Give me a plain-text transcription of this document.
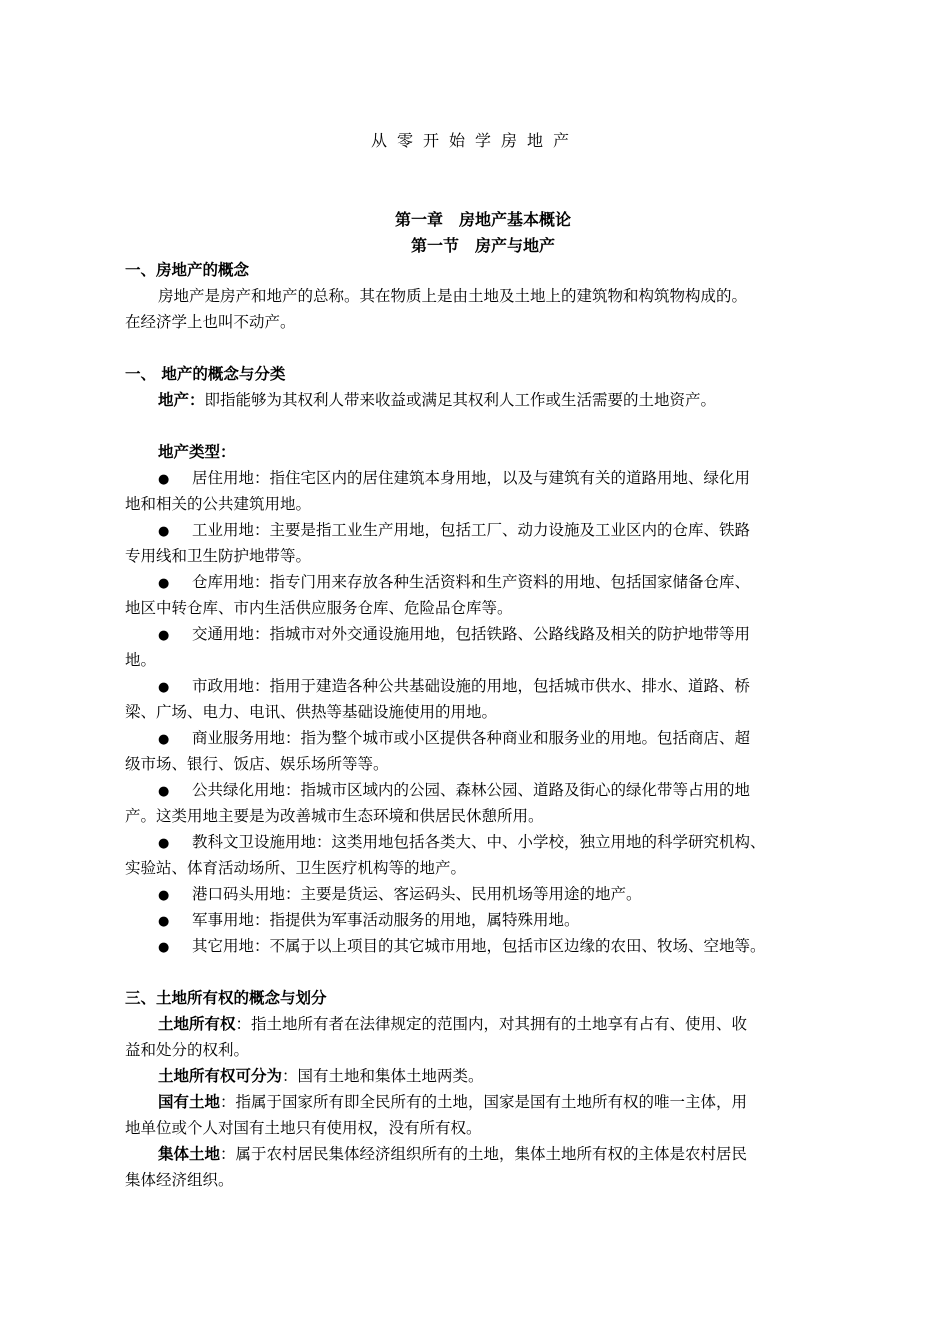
从零开始学房地产
第一章　房地产基本概论
第一节　房产与地产
一、房地产的概念
房地产是房产和地产的总称。其在物质上是由土地及土地上的建筑物和构筑物构成的。
在经济学上也叫不动产。
一、 地产的概念与分类
地产：即指能够为其权利人带来收益或满足其权利人工作或生活需要的土地资产。
地产类型：
● 居住用地：指住宅区内的居住建筑本身用地，以及与建筑有关的道路用地、绿化用
地和相关的公共建筑用地。
● 工业用地：主要是指工业生产用地，包括工厂、动力设施及工业区内的仓库、铁路
专用线和卫生防护地带等。
● 仓库用地：指专门用来存放各种生活资料和生产资料的用地、包括国家储备仓库、
地区中转仓库、市内生活供应服务仓库、危险品仓库等。
● 交通用地：指城市对外交通设施用地，包括铁路、公路线路及相关的防护地带等用
地。
● 市政用地：指用于建造各种公共基础设施的用地，包括城市供水、排水、道路、桥
梁、广场、电力、电讯、供热等基础设施使用的用地。
● 商业服务用地：指为整个城市或小区提供各种商业和服务业的用地。包括商店、超
级市场、银行、饭店、娱乐场所等等。
● 公共绿化用地：指城市区域内的公园、森林公园、道路及街心的绿化带等占用的地
产。这类用地主要是为改善城市生态环境和供居民休憩所用。
● 教科文卫设施用地：这类用地包括各类大、中、小学校，独立用地的科学研究机构、
实验站、体育活动场所、卫生医疗机构等的地产。
● 港口码头用地：主要是货运、客运码头、民用机场等用途的地产。
● 军事用地：指提供为军事活动服务的用地，属特殊用地。
● 其它用地：不属于以上项目的其它城市用地，包括市区边缘的农田、牧场、空地等。
三、土地所有权的概念与划分
土地所有权：指土地所有者在法律规定的范围内，对其拥有的土地享有占有、使用、收
益和处分的权利。
土地所有权可分为：国有土地和集体土地两类。
国有土地：指属于国家所有即全民所有的土地，国家是国有土地所有权的唯一主体，用
地单位或个人对国有土地只有使用权，没有所有权。
集体土地：属于农村居民集体经济组织所有的土地，集体土地所有权的主体是农村居民
集体经济组织。
